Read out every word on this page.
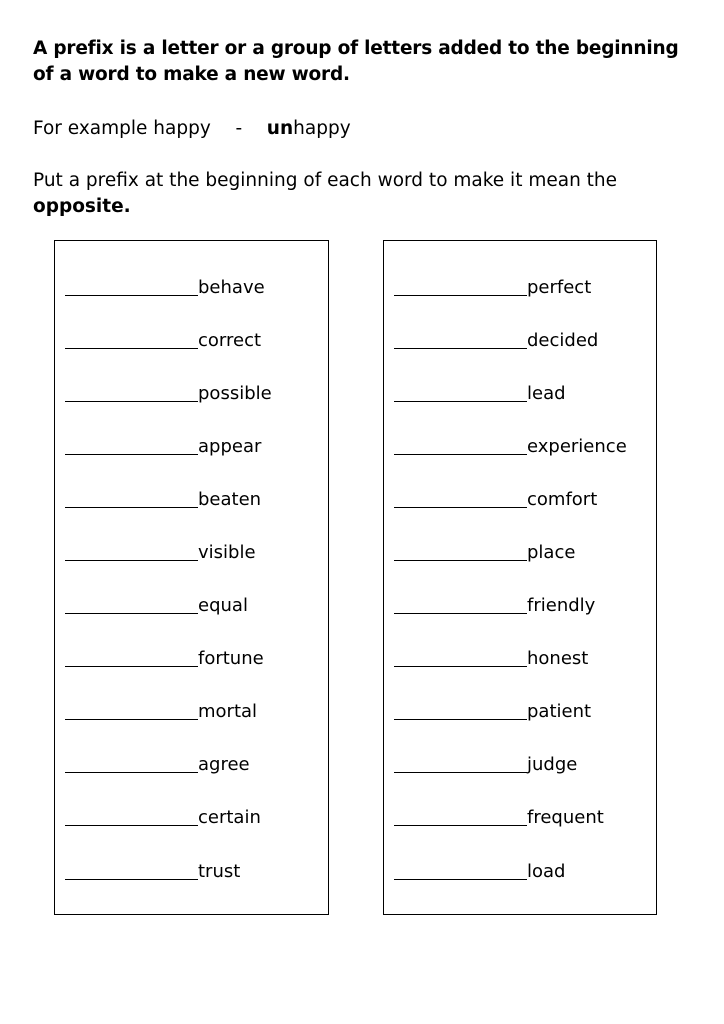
A prefix is a letter or a group of letters added to the beginning of a word to make a new word.

For example happy - unhappy

Put a prefix at the beginning of each word to make it mean the opposite.

behave
correct
possible
appear
beaten
visible
equal
fortune
mortal
agree
certain
trust
perfect
decided
lead
experience
comfort
place
friendly
honest
patient
judge
frequent
load
